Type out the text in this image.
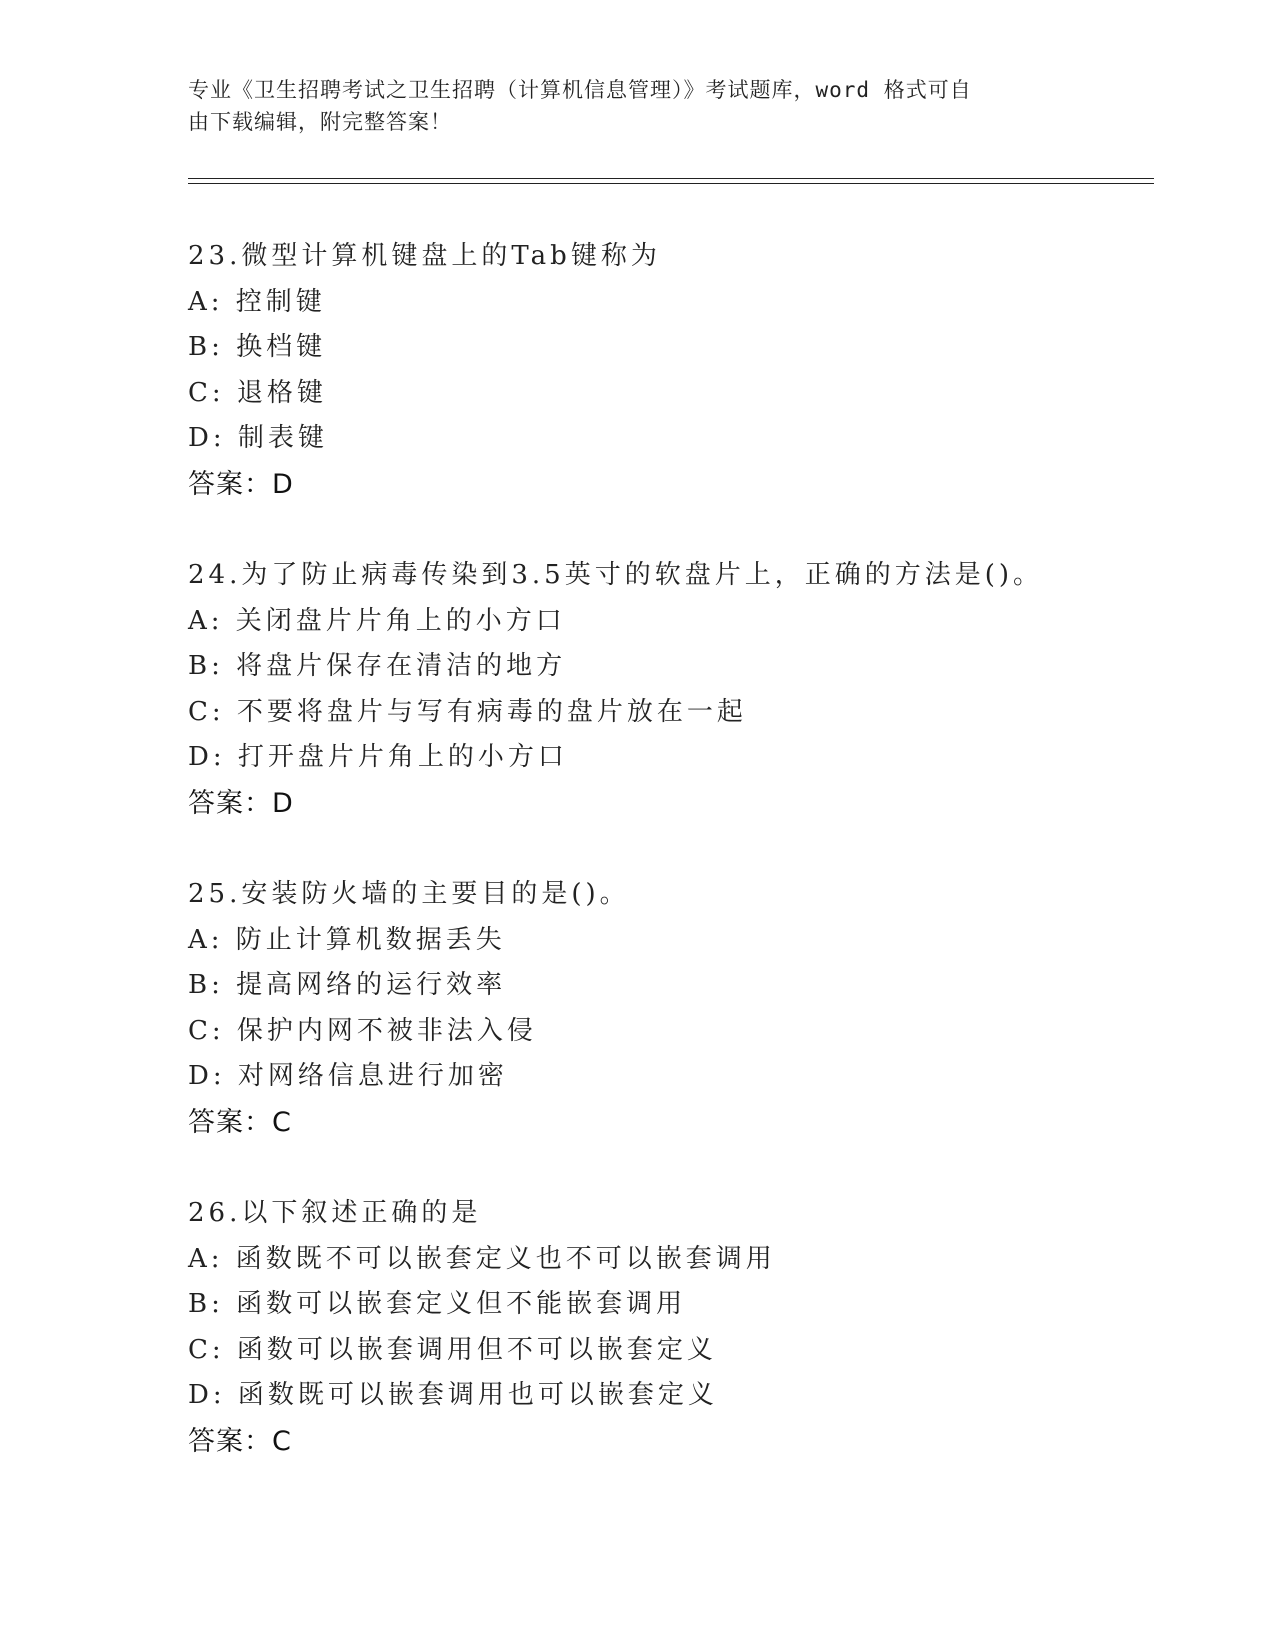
专业《卫生招聘考试之卫生招聘（计算机信息管理）》考试题库，word 格式可自
由下载编辑，附完整答案！
23.微型计算机键盘上的Tab键称为
A: 控制键
B: 换档键
C: 退格键
D: 制表键
答案：D
24.为了防止病毒传染到3.5英寸的软盘片上，正确的方法是()。
A: 关闭盘片片角上的小方口
B: 将盘片保存在清洁的地方
C: 不要将盘片与写有病毒的盘片放在一起
D: 打开盘片片角上的小方口
答案：D
25.安装防火墙的主要目的是()。
A: 防止计算机数据丢失
B: 提高网络的运行效率
C: 保护内网不被非法入侵
D: 对网络信息进行加密
答案：C
26.以下叙述正确的是
A: 函数既不可以嵌套定义也不可以嵌套调用
B: 函数可以嵌套定义但不能嵌套调用
C: 函数可以嵌套调用但不可以嵌套定义
D: 函数既可以嵌套调用也可以嵌套定义
答案：C
